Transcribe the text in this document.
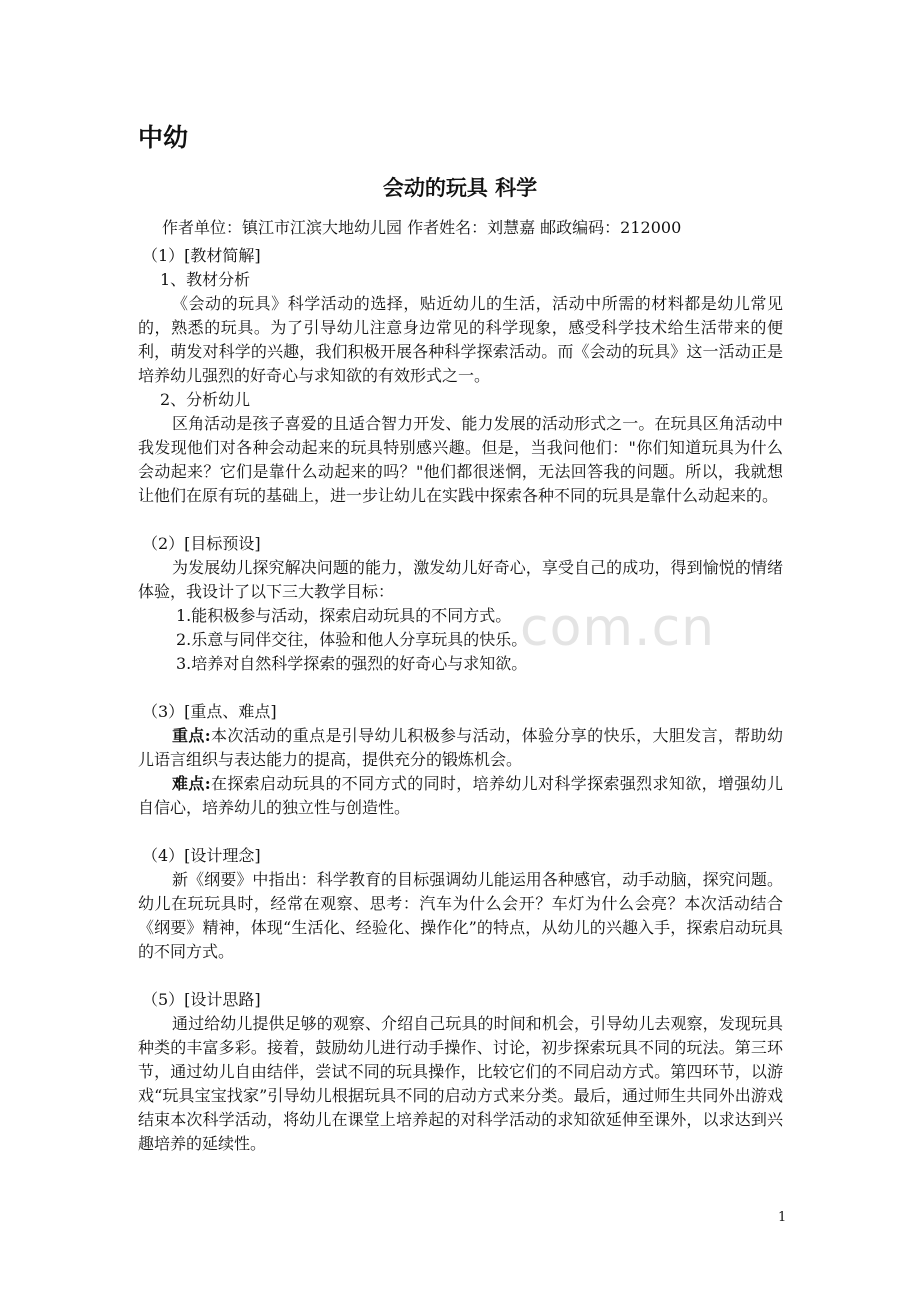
com.cn
中幼
会动的玩具 科学
作者单位：镇江市江滨大地幼儿园 作者姓名：刘慧嘉 邮政编码：212000

（1）[教材简解]

1、教材分析

《会动的玩具》科学活动的选择，贴近幼儿的生活，活动中所需的材料都是幼儿常见的，熟悉的玩具。为了引导幼儿注意身边常见的科学现象，感受科学技术给生活带来的便利，萌发对科学的兴趣，我们积极开展各种科学探索活动。而《会动的玩具》这一活动正是培养幼儿强烈的好奇心与求知欲的有效形式之一。

2、分析幼儿

区角活动是孩子喜爱的且适合智力开发、能力发展的活动形式之一。在玩具区角活动中我发现他们对各种会动起来的玩具特别感兴趣。但是，当我问他们："你们知道玩具为什么会动起来？它们是靠什么动起来的吗？"他们都很迷惘，无法回答我的问题。所以，我就想让他们在原有玩的基础上，进一步让幼儿在实践中探索各种不同的玩具是靠什么动起来的。

（2）[目标预设]

为发展幼儿探究解决问题的能力，激发幼儿好奇心，享受自己的成功，得到愉悦的情绪体验，我设计了以下三大教学目标：

1.能积极参与活动，探索启动玩具的不同方式。

2.乐意与同伴交往，体验和他人分享玩具的快乐。

3.培养对自然科学探索的强烈的好奇心与求知欲。

（3）[重点、难点]

重点:本次活动的重点是引导幼儿积极参与活动，体验分享的快乐，大胆发言，帮助幼儿语言组织与表达能力的提高，提供充分的锻炼机会。

难点:在探索启动玩具的不同方式的同时，培养幼儿对科学探索强烈求知欲，增强幼儿自信心，培养幼儿的独立性与创造性。

（4）[设计理念]

新《纲要》中指出：科学教育的目标强调幼儿能运用各种感官，动手动脑，探究问题。幼儿在玩玩具时，经常在观察、思考：汽车为什么会开？车灯为什么会亮？本次活动结合《纲要》精神，体现“生活化、经验化、操作化”的特点，从幼儿的兴趣入手，探索启动玩具的不同方式。

（5）[设计思路]

通过给幼儿提供足够的观察、介绍自己玩具的时间和机会，引导幼儿去观察，发现玩具种类的丰富多彩。接着，鼓励幼儿进行动手操作、讨论，初步探索玩具不同的玩法。第三环节，通过幼儿自由结伴，尝试不同的玩具操作，比较它们的不同启动方式。第四环节，以游戏“玩具宝宝找家”引导幼儿根据玩具不同的启动方式来分类。最后，通过师生共同外出游戏结束本次科学活动，将幼儿在课堂上培养起的对科学活动的求知欲延伸至课外，以求达到兴趣培养的延续性。

1
